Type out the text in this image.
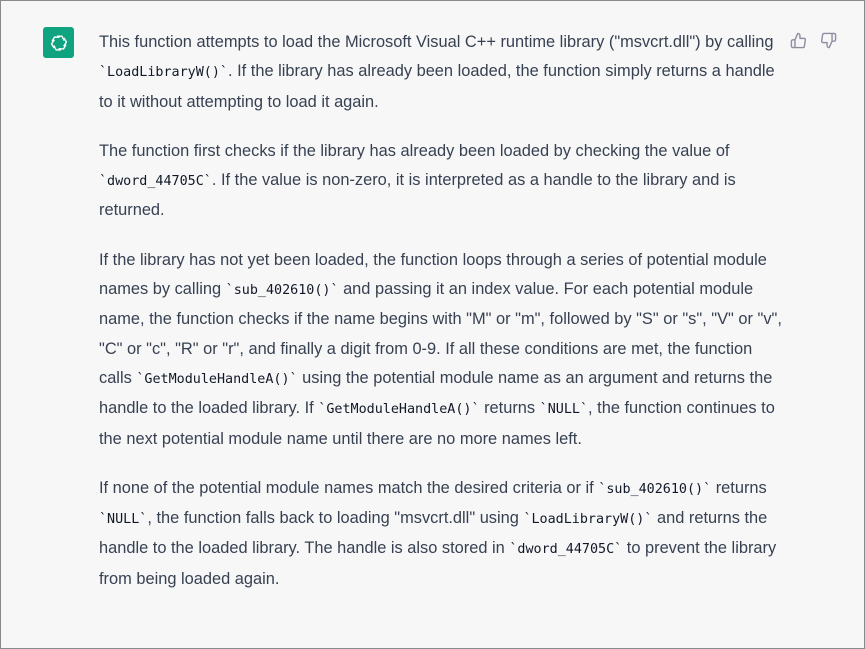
This function attempts to load the Microsoft Visual C++ runtime library ("msvcrt.dll") by calling `LoadLibraryW()`. If the library has already been loaded, the function simply returns a handle to it without attempting to load it again.

The function first checks if the library has already been loaded by checking the value of `dword_44705C`. If the value is non-zero, it is interpreted as a handle to the library and is returned.

If the library has not yet been loaded, the function loops through a series of potential module names by calling `sub_402610()` and passing it an index value. For each potential module name, the function checks if the name begins with "M" or "m", followed by "S" or "s", "V" or "v", "C" or "c", "R" or "r", and finally a digit from 0-9. If all these conditions are met, the function calls `GetModuleHandleA()` using the potential module name as an argument and returns the handle to the loaded library. If `GetModuleHandleA()` returns `NULL`, the function continues to the next potential module name until there are no more names left.

If none of the potential module names match the desired criteria or if `sub_402610()` returns `NULL`, the function falls back to loading "msvcrt.dll" using `LoadLibraryW()` and returns the handle to the loaded library. The handle is also stored in `dword_44705C` to prevent the library from being loaded again.
